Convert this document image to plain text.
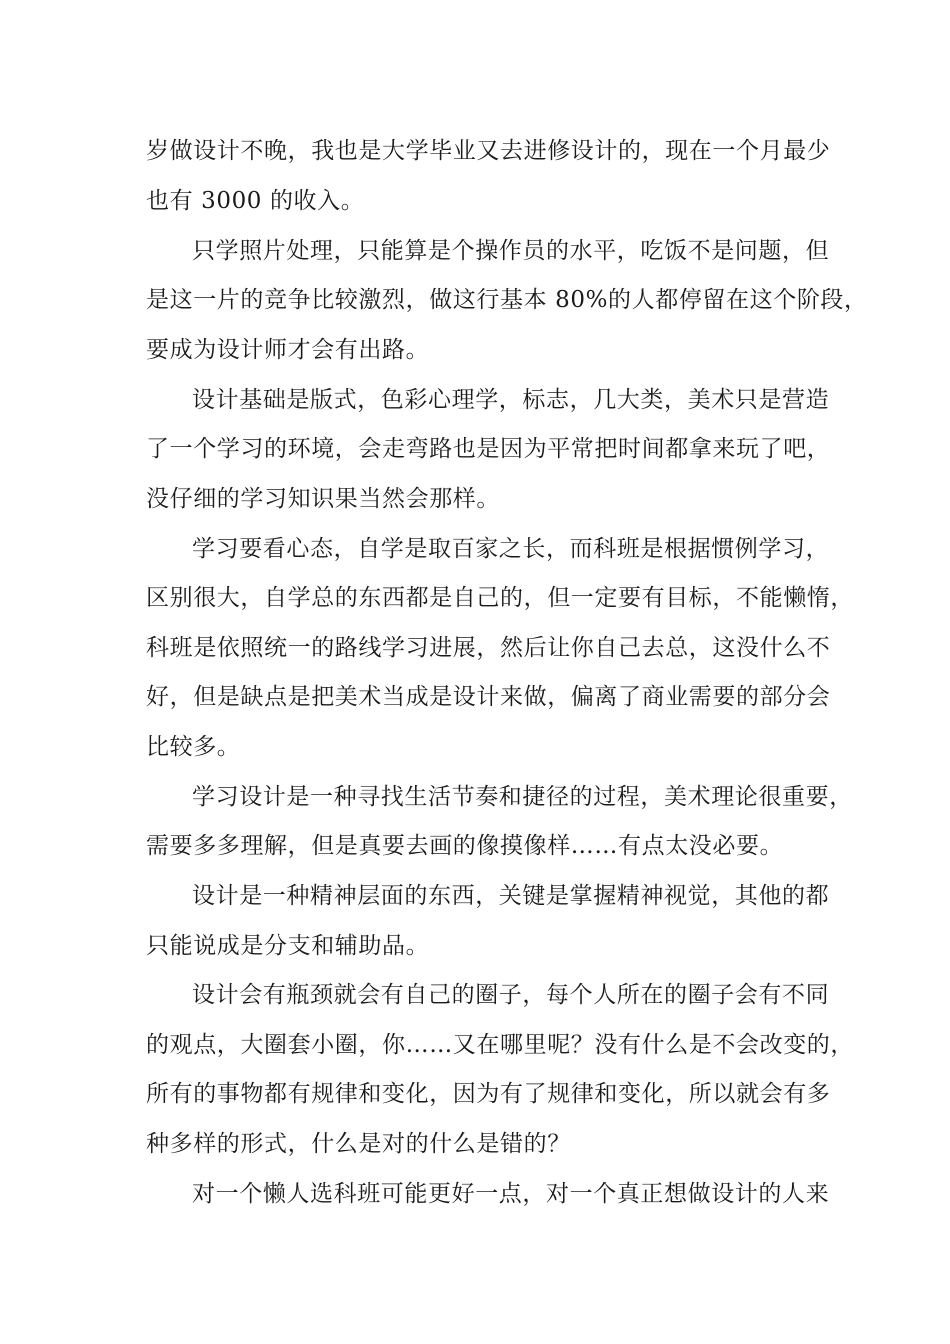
岁做设计不晚，我也是大学毕业又去进修设计的，现在一个月最少
也有 3000 的收入。
只学照片处理，只能算是个操作员的水平，吃饭不是问题，但
是这一片的竞争比较激烈，做这行基本 80%的人都停留在这个阶段，
要成为设计师才会有出路。
设计基础是版式，色彩心理学，标志，几大类，美术只是营造
了一个学习的环境，会走弯路也是因为平常把时间都拿来玩了吧，
没仔细的学习知识果当然会那样。
学习要看心态，自学是取百家之长，而科班是根据惯例学习，
区别很大，自学总的东西都是自己的，但一定要有目标，不能懒惰，
科班是依照统一的路线学习进展，然后让你自己去总，这没什么不
好，但是缺点是把美术当成是设计来做，偏离了商业需要的部分会
比较多。
学习设计是一种寻找生活节奏和捷径的过程，美术理论很重要，
需要多多理解，但是真要去画的像摸像样……有点太没必要。
设计是一种精神层面的东西，关键是掌握精神视觉，其他的都
只能说成是分支和辅助品。
设计会有瓶颈就会有自己的圈子，每个人所在的圈子会有不同
的观点，大圈套小圈，你……又在哪里呢？没有什么是不会改变的，
所有的事物都有规律和变化，因为有了规律和变化，所以就会有多
种多样的形式，什么是对的什么是错的？
对一个懒人选科班可能更好一点，对一个真正想做设计的人来
